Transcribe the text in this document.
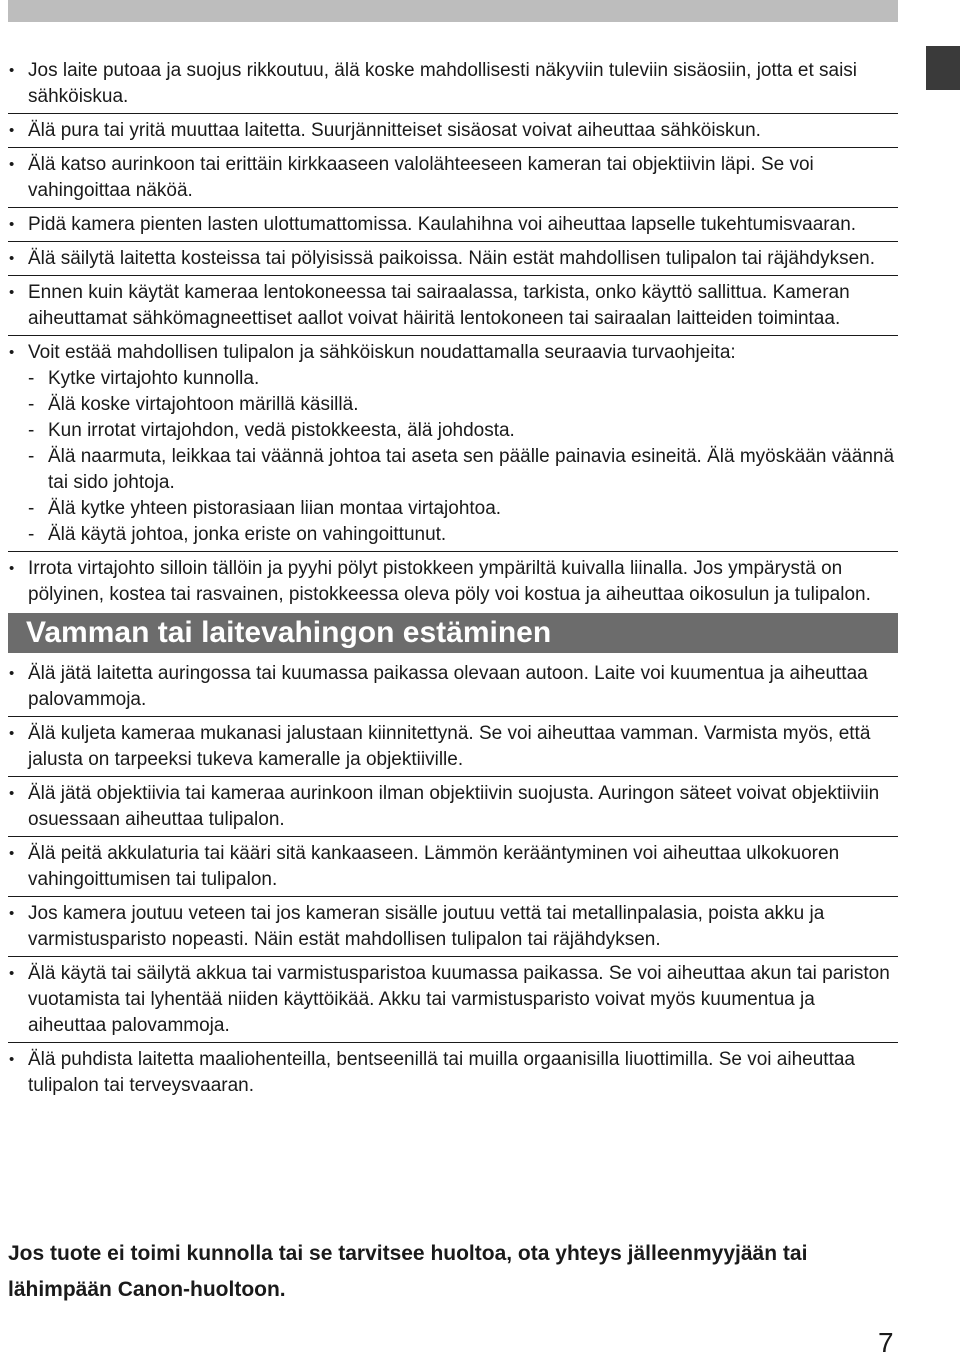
• Jos laite putoaa ja suojus rikkoutuu, älä koske mahdollisesti näkyviin tuleviin sisäosiin, jotta et saisi sähköiskua.
• Älä pura tai yritä muuttaa laitetta. Suurjännitteiset sisäosat voivat aiheuttaa sähköiskun.
• Älä katso aurinkoon tai erittäin kirkkaaseen valolähteeseen kameran tai objektiivin läpi. Se voi vahingoittaa näköä.
• Pidä kamera pienten lasten ulottumattomissa. Kaulahihna voi aiheuttaa lapselle tukehtumisvaaran.
• Älä säilytä laitetta kosteissa tai pölyisissä paikoissa. Näin estät mahdollisen tulipalon tai räjähdyksen.
• Ennen kuin käytät kameraa lentokoneessa tai sairaalassa, tarkista, onko käyttö sallittua. Kameran aiheuttamat sähkömagneettiset aallot voivat häiritä lentokoneen tai sairaalan laitteiden toimintaa.
• Voit estää mahdollisen tulipalon ja sähköiskun noudattamalla seuraavia turvaohjeita:
- Kytke virtajohto kunnolla.
- Älä koske virtajohtoon märillä käsillä.
- Kun irrotat virtajohdon, vedä pistokkeesta, älä johdosta.
- Älä naarmuta, leikkaa tai väännä johtoa tai aseta sen päälle painavia esineitä. Älä myöskään väännä tai sido johtoja.
- Älä kytke yhteen pistorasiaan liian montaa virtajohtoa.
- Älä käytä johtoa, jonka eriste on vahingoittunut.
• Irrota virtajohto silloin tällöin ja pyyhi pölyt pistokkeen ympäriltä kuivalla liinalla. Jos ympärystä on pölyinen, kostea tai rasvainen, pistokkeessa oleva pöly voi kostua ja aiheuttaa oikosulun ja tulipalon.
Vamman tai laitevahingon estäminen
• Älä jätä laitetta auringossa tai kuumassa paikassa olevaan autoon. Laite voi kuumentua ja aiheuttaa palovammoja.
• Älä kuljeta kameraa mukanasi jalustaan kiinnitettynä. Se voi aiheuttaa vamman. Varmista myös, että jalusta on tarpeeksi tukeva kameralle ja objektiiville.
• Älä jätä objektiivia tai kameraa aurinkoon ilman objektiivin suojusta. Auringon säteet voivat objektiiviin osuessaan aiheuttaa tulipalon.
• Älä peitä akkulaturia tai kääri sitä kankaaseen. Lämmön kerääntyminen voi aiheuttaa ulkokuoren vahingoittumisen tai tulipalon.
• Jos kamera joutuu veteen tai jos kameran sisälle joutuu vettä tai metallinpalasia, poista akku ja varmistusparisto nopeasti. Näin estät mahdollisen tulipalon tai räjähdyksen.
• Älä käytä tai säilytä akkua tai varmistusparistoa kuumassa paikassa. Se voi aiheuttaa akun tai pariston vuotamista tai lyhentää niiden käyttöikää. Akku tai varmistusparisto voivat myös kuumentua ja aiheuttaa palovammoja.
• Älä puhdista laitetta maaliohenteilla, bentseenillä tai muilla orgaanisilla liuottimilla. Se voi aiheuttaa tulipalon tai terveysvaaran.
Jos tuote ei toimi kunnolla tai se tarvitsee huoltoa, ota yhteys jälleenmyyjään tai lähimpään Canon-huoltoon.
7
